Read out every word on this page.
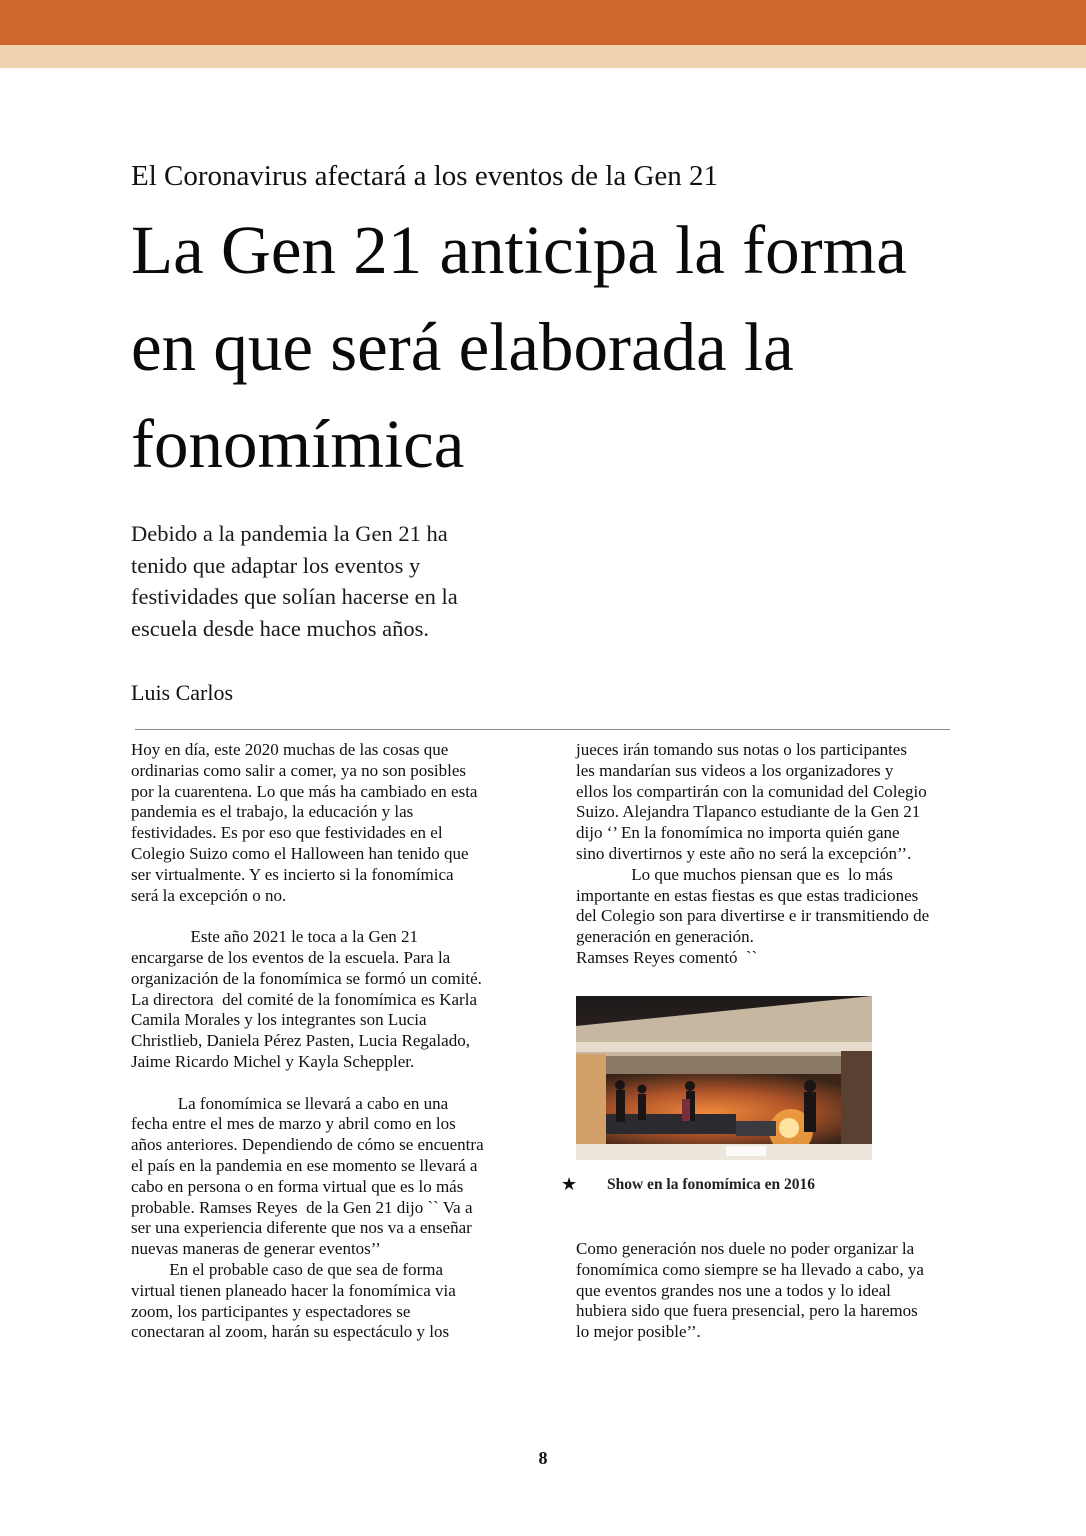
El Coronavirus afectará a los eventos de la Gen 21
La Gen 21 anticipa la forma
en que será elaborada la
fonomímica
Debido a la pandemia la Gen 21 ha
tenido que adaptar los eventos y
festividades que solían hacerse en la
escuela desde hace muchos años.
Luis Carlos
Hoy en día, este 2020 muchas de las cosas que
ordinarias como salir a comer, ya no son posibles
por la cuarentena. Lo que más ha cambiado en esta
pandemia es el trabajo, la educación y las
festividades. Es por eso que festividades en el
Colegio Suizo como el Halloween han tenido que
ser virtualmente. Y es incierto si la fonomímica
será la excepción o no.
Este año 2021 le toca a la Gen 21
encargarse de los eventos de la escuela. Para la
organización de la fonomímica se formó un comité.
La directora  del comité de la fonomímica es Karla
Camila Morales y los integrantes son Lucia
Christlieb, Daniela Pérez Pasten, Lucia Regalado,
Jaime Ricardo Michel y Kayla Scheppler.
La fonomímica se llevará a cabo en una
fecha entre el mes de marzo y abril como en los
años anteriores. Dependiendo de cómo se encuentra
el país en la pandemia en ese momento se llevará a
cabo en persona o en forma virtual que es lo más
probable. Ramses Reyes  de la Gen 21 dijo `` Va a
ser una experiencia diferente que nos va a enseñar
nuevas maneras de generar eventos’’
En el probable caso de que sea de forma
virtual tienen planeado hacer la fonomímica via
zoom, los participantes y espectadores se
conectaran al zoom, harán su espectáculo y los
jueces irán tomando sus notas o los participantes
les mandarían sus videos a los organizadores y
ellos los compartirán con la comunidad del Colegio
Suizo. Alejandra Tlapanco estudiante de la Gen 21
dijo ‘’ En la fonomímica no importa quién gane
sino divertirnos y este año no será la excepción’’.
Lo que muchos piensan que es  lo más
importante en estas fiestas es que estas tradiciones
del Colegio son para divertirse e ir transmitiendo de
generación en generación.
Ramses Reyes comentó  ``
★ Show en la fonomímica en 2016
Como generación nos duele no poder organizar la
fonomímica como siempre se ha llevado a cabo, ya
que eventos grandes nos une a todos y lo ideal
hubiera sido que fuera presencial, pero la haremos
lo mejor posible’’.
8
